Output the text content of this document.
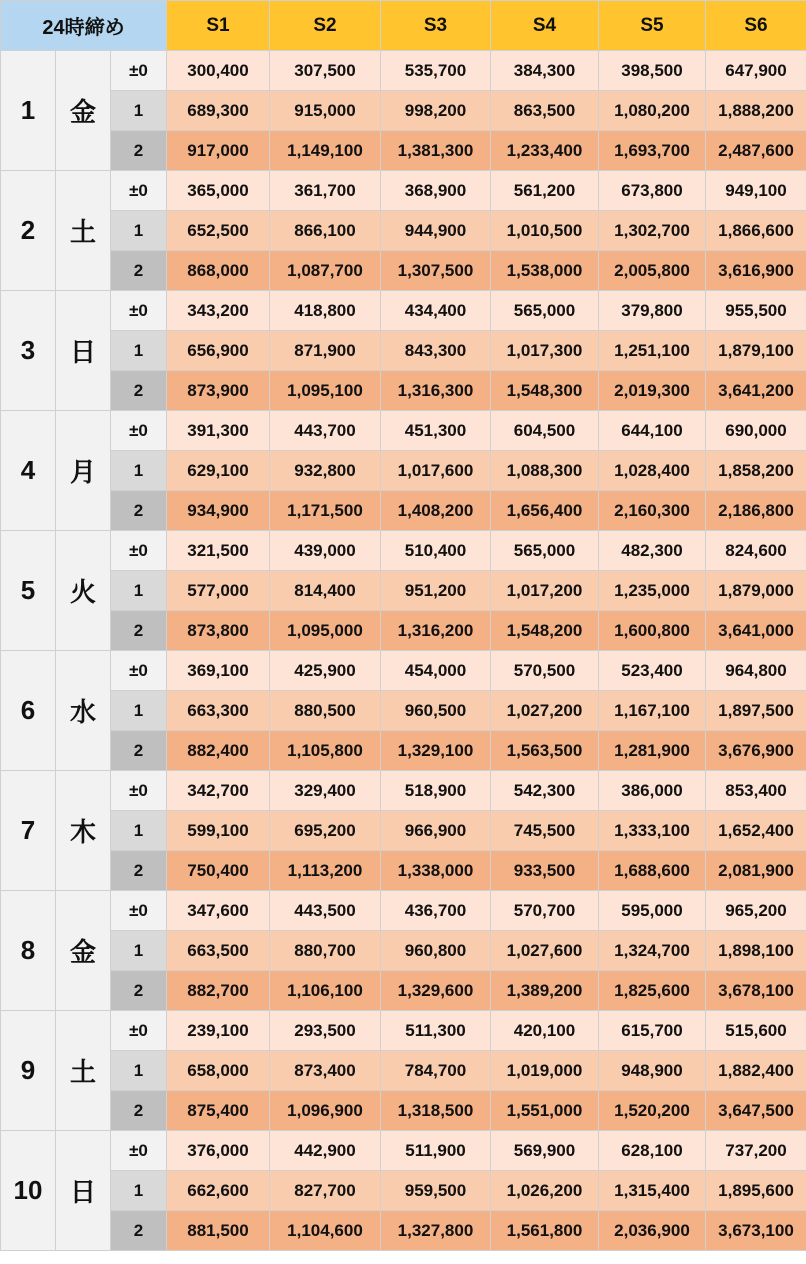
24時締め			S1	S2	S3	S4	S5	S6
1	金	±0	300,400	307,500	535,700	384,300	398,500	647,900
		1	689,300	915,000	998,200	863,500	1,080,200	1,888,200
		2	917,000	1,149,100	1,381,300	1,233,400	1,693,700	2,487,600
2	土	±0	365,000	361,700	368,900	561,200	673,800	949,100
		1	652,500	866,100	944,900	1,010,500	1,302,700	1,866,600
		2	868,000	1,087,700	1,307,500	1,538,000	2,005,800	3,616,900
3	日	±0	343,200	418,800	434,400	565,000	379,800	955,500
		1	656,900	871,900	843,300	1,017,300	1,251,100	1,879,100
		2	873,900	1,095,100	1,316,300	1,548,300	2,019,300	3,641,200
4	月	±0	391,300	443,700	451,300	604,500	644,100	690,000
		1	629,100	932,800	1,017,600	1,088,300	1,028,400	1,858,200
		2	934,900	1,171,500	1,408,200	1,656,400	2,160,300	2,186,800
5	火	±0	321,500	439,000	510,400	565,000	482,300	824,600
		1	577,000	814,400	951,200	1,017,200	1,235,000	1,879,000
		2	873,800	1,095,000	1,316,200	1,548,200	1,600,800	3,641,000
6	水	±0	369,100	425,900	454,000	570,500	523,400	964,800
		1	663,300	880,500	960,500	1,027,200	1,167,100	1,897,500
		2	882,400	1,105,800	1,329,100	1,563,500	1,281,900	3,676,900
7	木	±0	342,700	329,400	518,900	542,300	386,000	853,400
		1	599,100	695,200	966,900	745,500	1,333,100	1,652,400
		2	750,400	1,113,200	1,338,000	933,500	1,688,600	2,081,900
8	金	±0	347,600	443,500	436,700	570,700	595,000	965,200
		1	663,500	880,700	960,800	1,027,600	1,324,700	1,898,100
		2	882,700	1,106,100	1,329,600	1,389,200	1,825,600	3,678,100
9	土	±0	239,100	293,500	511,300	420,100	615,700	515,600
		1	658,000	873,400	784,700	1,019,000	948,900	1,882,400
		2	875,400	1,096,900	1,318,500	1,551,000	1,520,200	3,647,500
10	日	±0	376,000	442,900	511,900	569,900	628,100	737,200
		1	662,600	827,700	959,500	1,026,200	1,315,400	1,895,600
		2	881,500	1,104,600	1,327,800	1,561,800	2,036,900	3,673,100
